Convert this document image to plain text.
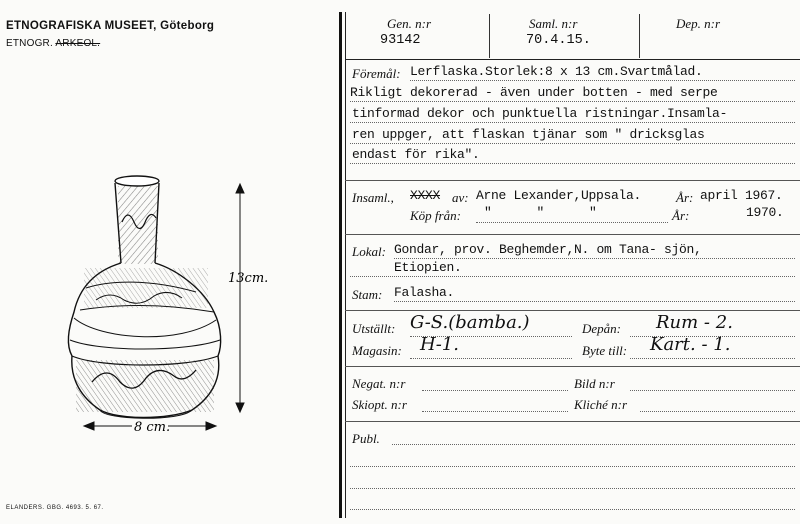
ETNOGRAFISKA MUSEET, Göteborg
ETNOGR. ARKEOL.
13cm.
8 cm.
ELANDERS. GBG. 4693. 5. 67.
Gen. n:r
93142
Saml. n:r
70.4.15.
Dep. n:r
Föremål: Lerflaska.Storlek:8 x 13 cm.Svartmålad.
Rikligt dekorerad - även under botten - med serpe
tinformad dekor och punktuella ristningar.Insamla-
ren uppger, att flaskan tjänar som " dricksglas
endast för rika".
Insaml., XXXX av: Arne Lexander,Uppsala.	År: april 1967.
Köp från: "      "      "	År:	1970.
Lokal: Gondar, prov. Beghemder,N. om Tana- sjön,
Etiopien.
Stam: Falasha.
Utställt: G-S.(bamba.)	Depån: Rum - 2.
Magasin: H-1.	Byte till: Kart. - 1.
Negat. n:r	Bild n:r
Skiopt. n:r	Kliché n:r
Publ.
